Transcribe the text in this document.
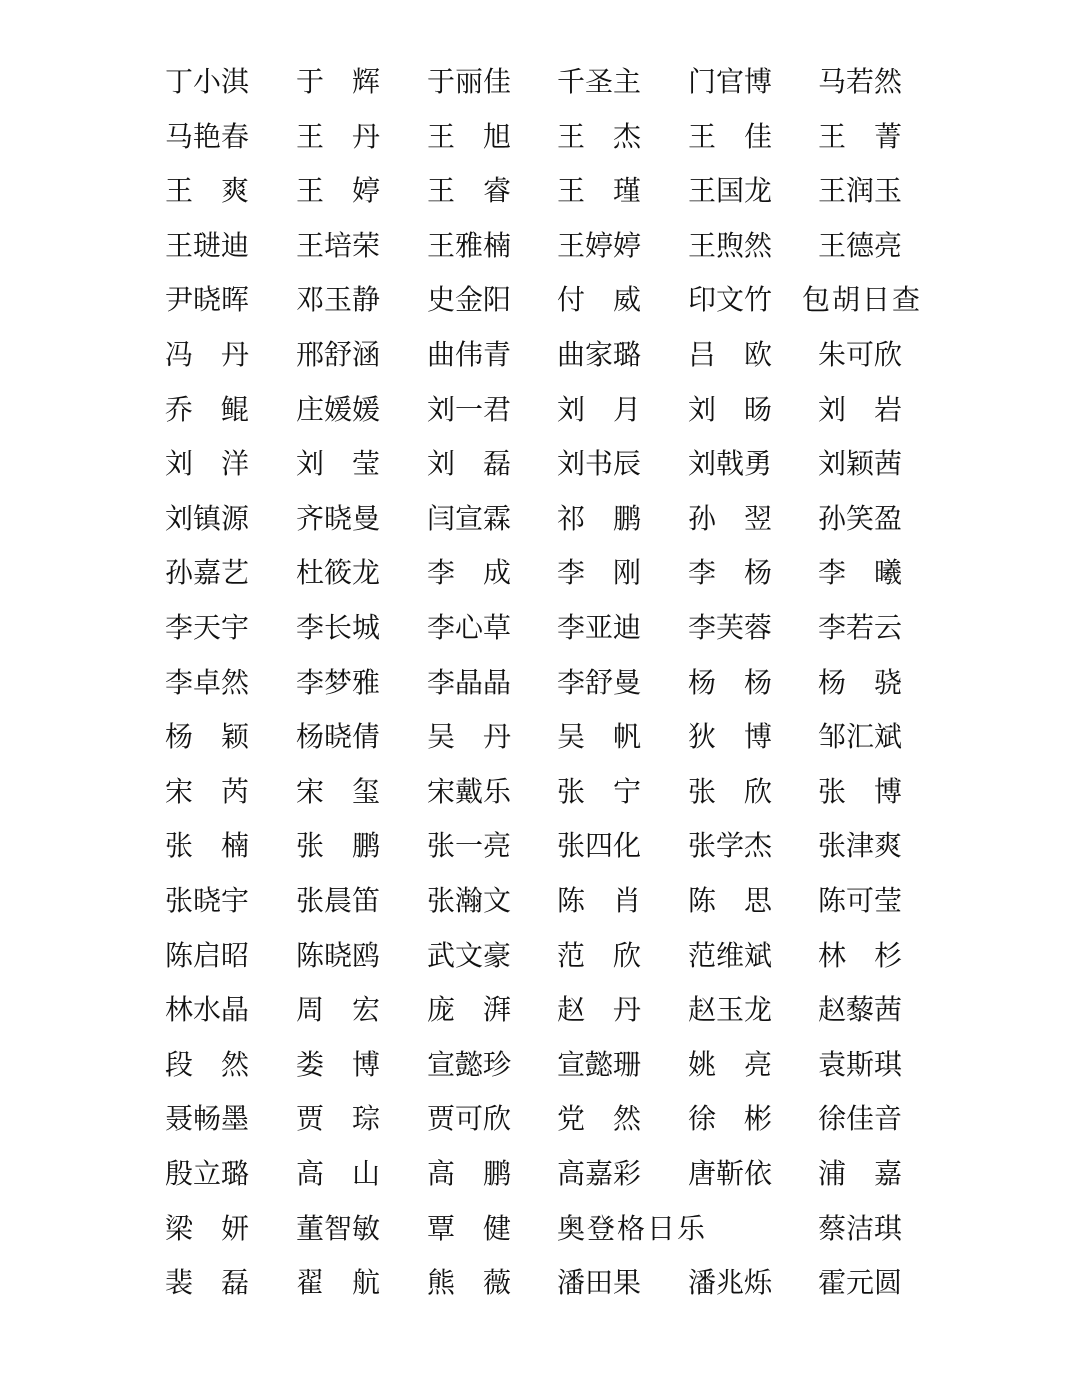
丁 小 淇 于 辉 于 丽 佳 千 圣 主 门 官 博 马 若 然
马 艳 春 王 丹 王 旭 王 杰 王 佳 王 菁
王 爽 王 婷 王 睿 王 瑾 王 国 龙 王 润 玉
王 琎 迪 王 培 荣 王 雅 楠 王 婷 婷 王 煦 然 王 德 亮
尹 晓 晖 邓 玉 静 史 金 阳 付 威 印 文 竹 包胡日查
冯 丹 邢 舒 涵 曲 伟 青 曲 家 璐 吕 欧 朱 可 欣
乔 鲲 庄 媛 媛 刘 一 君 刘 月 刘 旸 刘 岩
刘 洋 刘 莹 刘 磊 刘 书 辰 刘 戟 勇 刘 颖 茜
刘 镇 源 齐 晓 曼 闫 宣 霖 祁 鹏 孙 翌 孙 笑 盈
孙 嘉 艺 杜 筱 龙 李 成 李 刚 李 杨 李 曦
李 天 宇 李 长 城 李 心 草 李 亚 迪 李 芙 蓉 李 若 云
李 卓 然 李 梦 雅 李 晶 晶 李 舒 曼 杨 杨 杨 骁
杨 颖 杨 晓 倩 吴 丹 吴 帆 狄 博 邹 汇 斌
宋 芮 宋 玺 宋 戴 乐 张 宁 张 欣 张 博
张 楠 张 鹏 张 一 亮 张 四 化 张 学 杰 张 津 爽
张 晓 宇 张 晨 笛 张 瀚 文 陈 肖 陈 思 陈 可 莹
陈 启 昭 陈 晓 鸥 武 文 豪 范 欣 范 维 斌 林 杉
林 水 晶 周 宏 庞 湃 赵 丹 赵 玉 龙 赵 藜 茜
段 然 娄 博 宣 懿 珍 宣 懿 珊 姚 亮 袁 斯 琪
聂 畅 墨 贾 琮 贾 可 欣 党 然 徐 彬 徐 佳 音
殷 立 璐 高 山 高 鹏 高 嘉 彩 唐 靳 依 浦 嘉
梁 妍 董 智 敏 覃 健 奥登格日乐	蔡 洁 琪
裴 磊 翟 航 熊 薇 潘 田 果 潘 兆 烁 霍 元 圆
